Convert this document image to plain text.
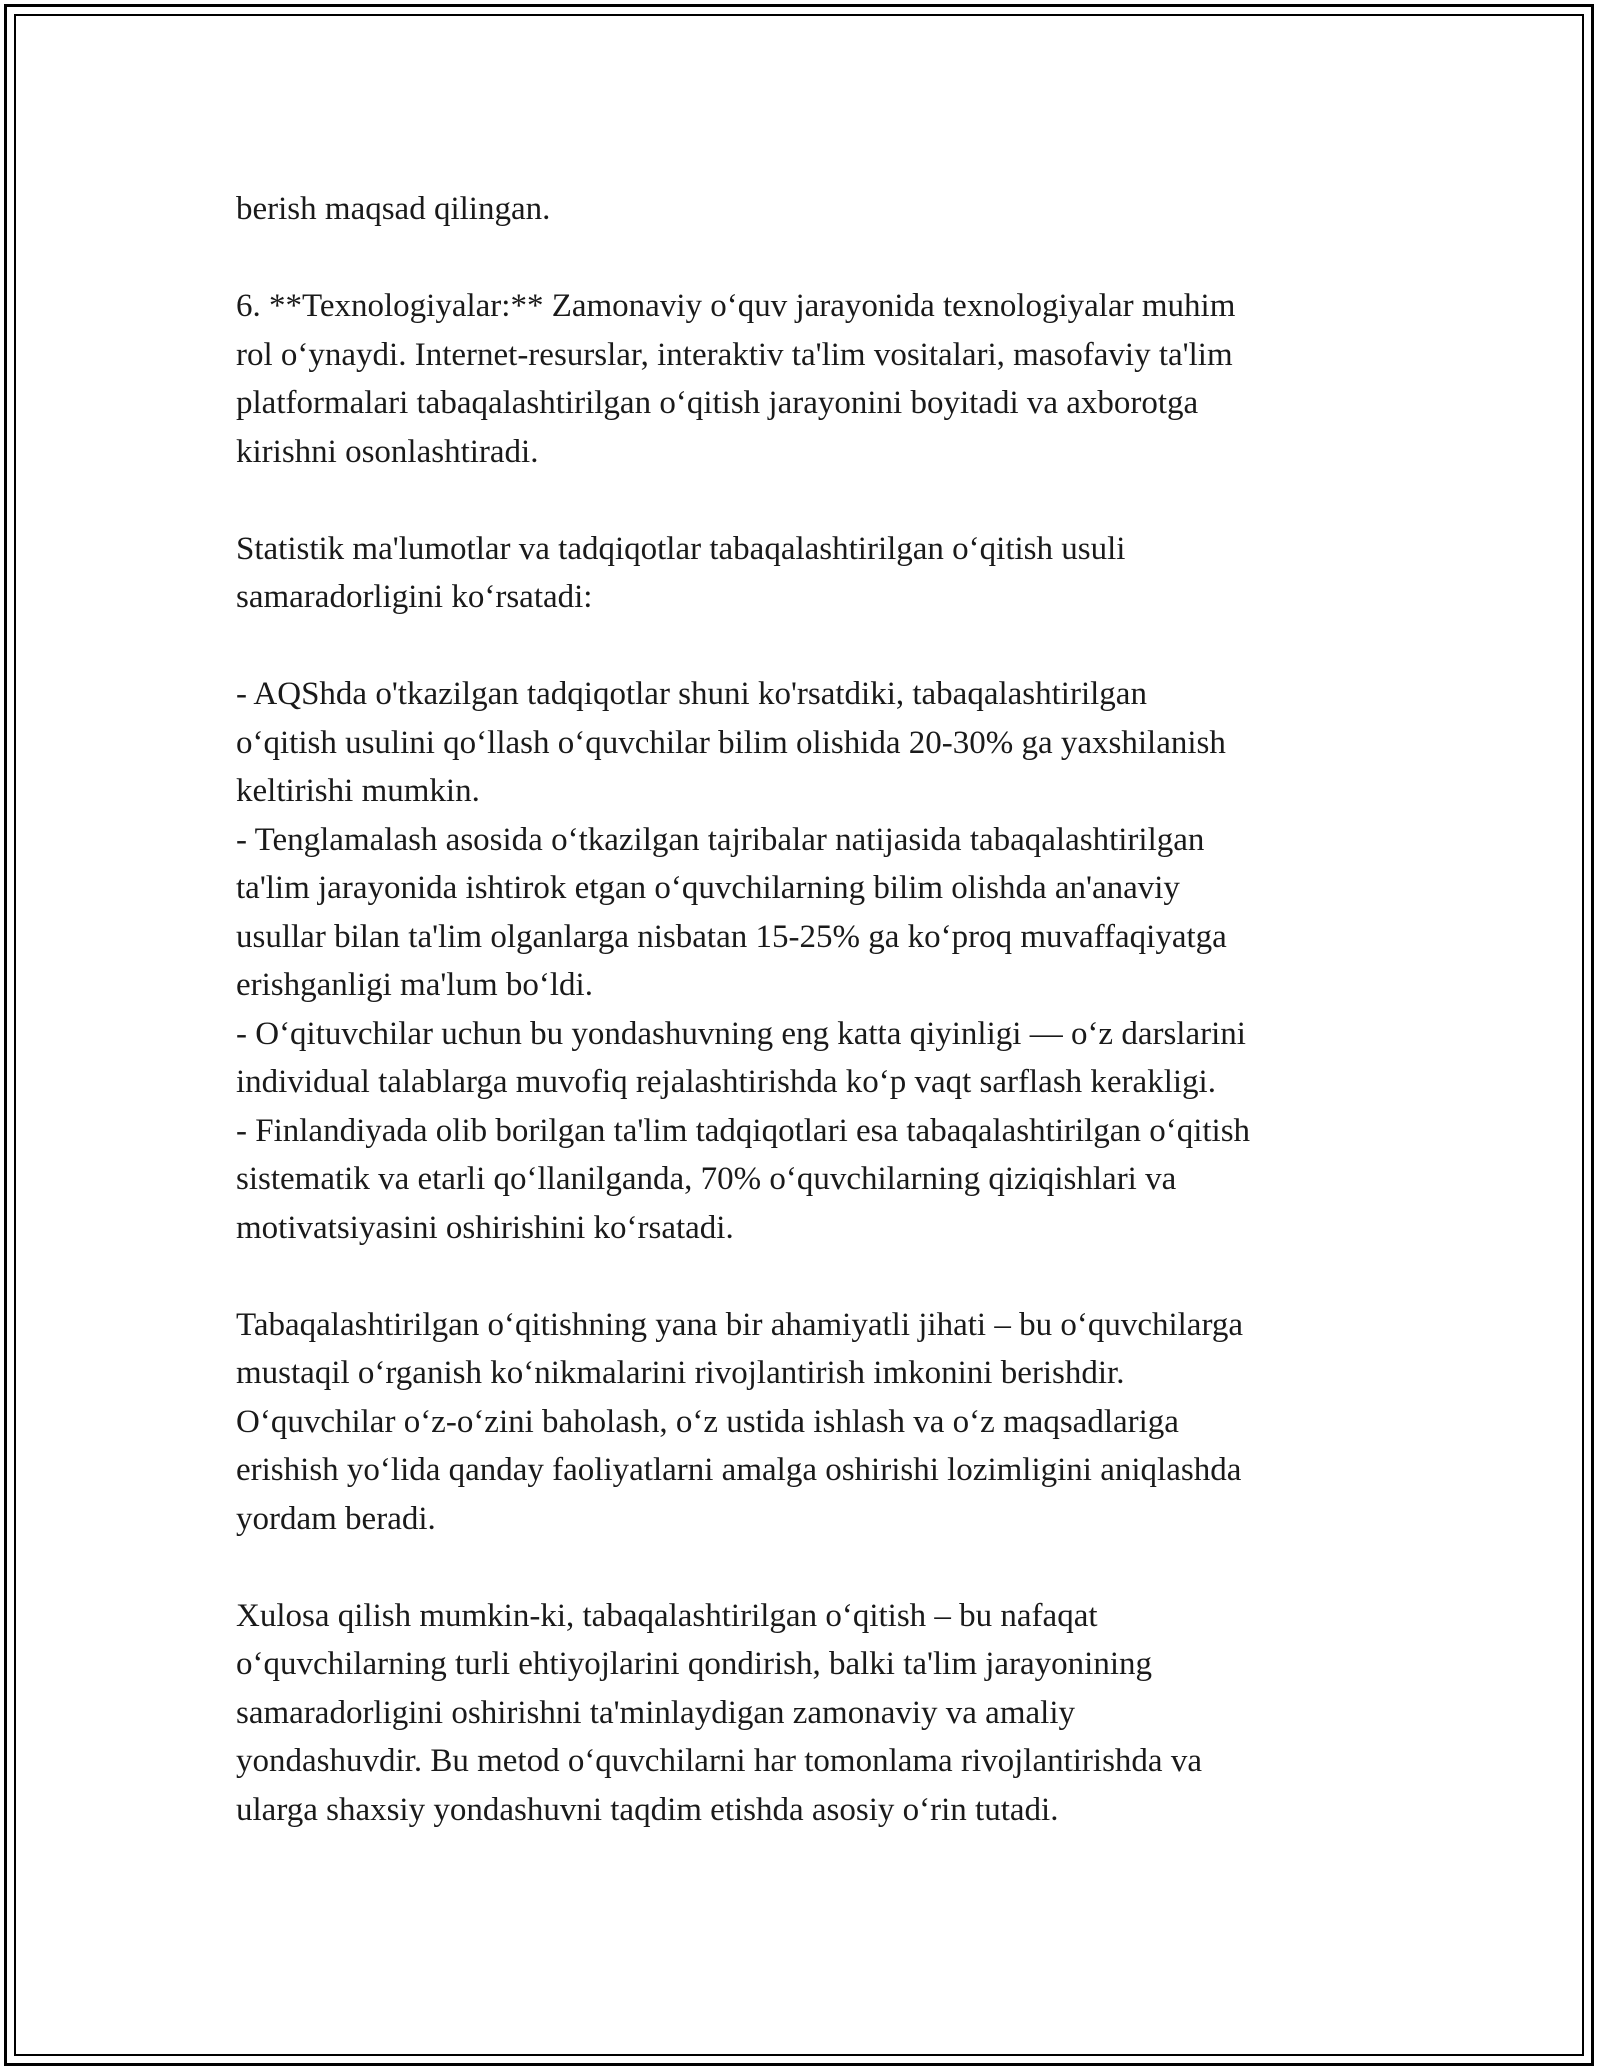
berish maqsad qilingan.
6. **Texnologiyalar:** Zamonaviy o‘quv jarayonida texnologiyalar muhim
rol o‘ynaydi. Internet-resurslar, interaktiv ta'lim vositalari, masofaviy ta'lim
platformalari tabaqalashtirilgan o‘qitish jarayonini boyitadi va axborotga
kirishni osonlashtiradi.
Statistik ma'lumotlar va tadqiqotlar tabaqalashtirilgan o‘qitish usuli
samaradorligini ko‘rsatadi:
- AQShda o'tkazilgan tadqiqotlar shuni ko'rsatdiki, tabaqalashtirilgan
o‘qitish usulini qo‘llash o‘quvchilar bilim olishida 20-30% ga yaxshilanish
keltirishi mumkin.
- Tenglamalash asosida o‘tkazilgan tajribalar natijasida tabaqalashtirilgan
ta'lim jarayonida ishtirok etgan o‘quvchilarning bilim olishda an'anaviy
usullar bilan ta'lim olganlarga nisbatan 15-25% ga ko‘proq muvaffaqiyatga
erishganligi ma'lum bo‘ldi.
- O‘qituvchilar uchun bu yondashuvning eng katta qiyinligi — o‘z darslarini
individual talablarga muvofiq rejalashtirishda ko‘p vaqt sarflash kerakligi.
- Finlandiyada olib borilgan ta'lim tadqiqotlari esa tabaqalashtirilgan o‘qitish
sistematik va etarli qo‘llanilganda, 70% o‘quvchilarning qiziqishlari va
motivatsiyasini oshirishini ko‘rsatadi.
Tabaqalashtirilgan o‘qitishning yana bir ahamiyatli jihati – bu o‘quvchilarga
mustaqil o‘rganish ko‘nikmalarini rivojlantirish imkonini berishdir.
O‘quvchilar o‘z-o‘zini baholash, o‘z ustida ishlash va o‘z maqsadlariga
erishish yo‘lida qanday faoliyatlarni amalga oshirishi lozimligini aniqlashda
yordam beradi.
Xulosa qilish mumkin-ki, tabaqalashtirilgan o‘qitish – bu nafaqat
o‘quvchilarning turli ehtiyojlarini qondirish, balki ta'lim jarayonining
samaradorligini oshirishni ta'minlaydigan zamonaviy va amaliy
yondashuvdir. Bu metod o‘quvchilarni har tomonlama rivojlantirishda va
ularga shaxsiy yondashuvni taqdim etishda asosiy o‘rin tutadi.
